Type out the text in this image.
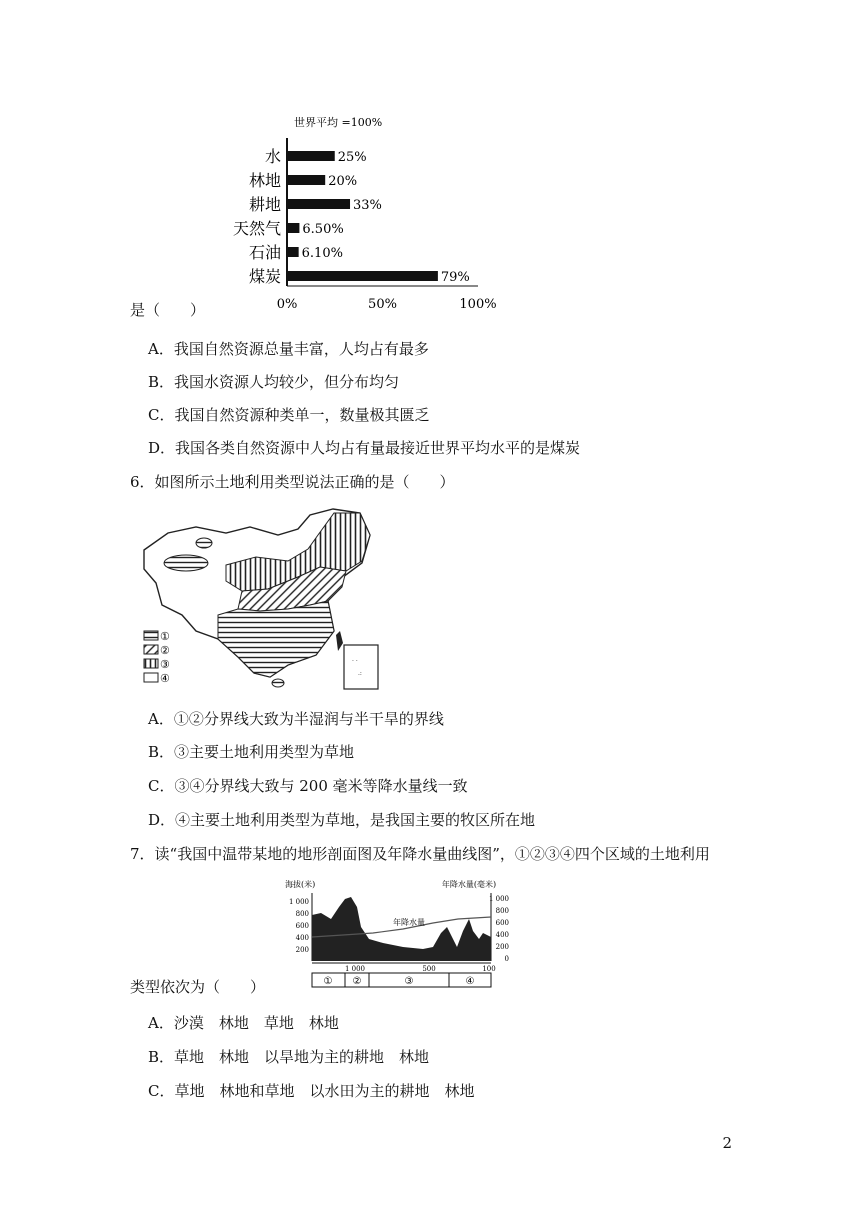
世界平均 =100%
水	25%
林地	20%
耕地	33%
天然气 6.50%
石油 6.10%
煤炭	79%
0%	50%	100%
是（　　）
A．我国自然资源总量丰富，人均占有最多
B．我国水资源人均较少，但分布均匀
C．我国自然资源种类单一，数量极其匮乏
D．我国各类自然资源中人均占有量最接近世界平均水平的是煤炭
6．如图所示土地利用类型说法正确的是（　　）
. .
.:
①
②
③
④
A．①②分界线大致为半湿润与半干旱的界线
B．③主要土地利用类型为草地
C．③④分界线大致与 200 毫米等降水量线一致
D．④主要土地利用类型为草地，是我国主要的牧区所在地
7．读“我国中温带某地的地形剖面图及年降水量曲线图”，①②③④四个区域的土地利用
海拔(米)	年降水量(毫米)
1 000
800
600
400
200
1 000
800
600
400
200
0
年降水量
1 000	500	100
① ②	③	④
类型依次为（　　）
A．沙漠　林地　草地　林地
B．草地　林地　以旱地为主的耕地　林地
C．草地　林地和草地　以水田为主的耕地　林地
2
